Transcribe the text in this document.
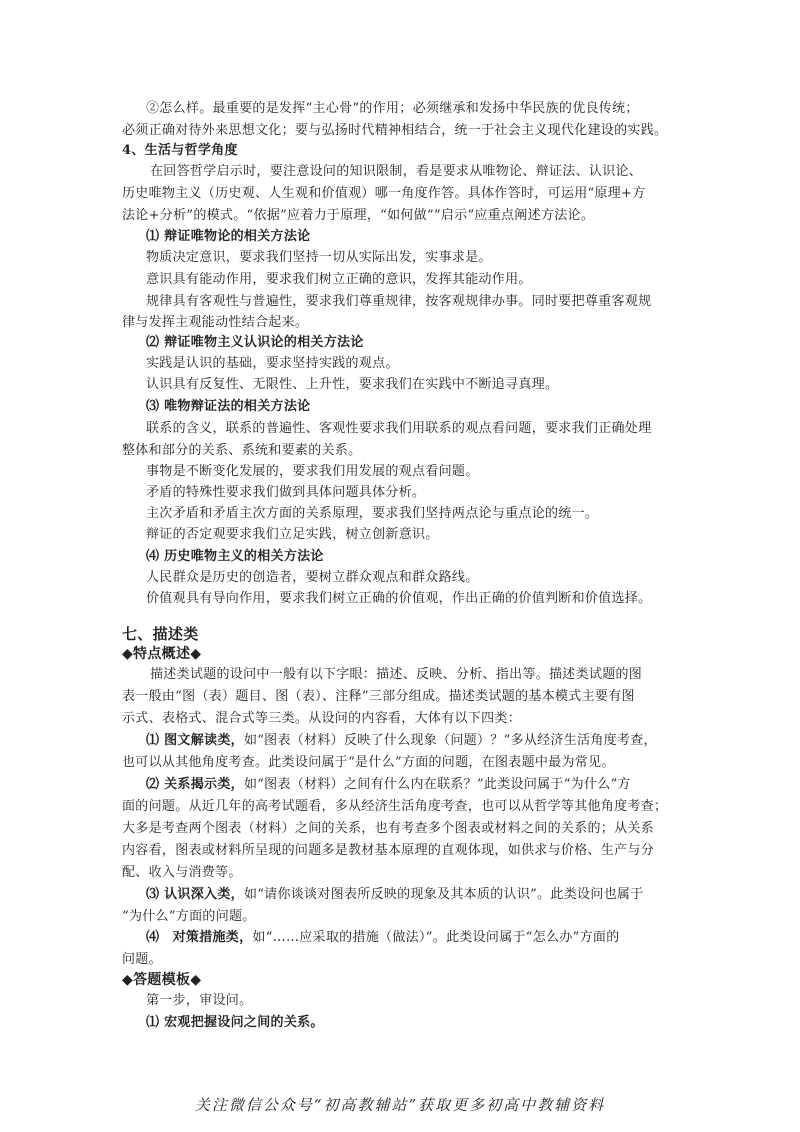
②怎么样。最重要的是发挥“主心骨”的作用；必须继承和发扬中华民族的优良传统；
必须正确对待外来思想文化；要与弘扬时代精神相结合，统一于社会主义现代化建设的实践。
4、生活与哲学角度
在回答哲学启示时，要注意设问的知识限制，看是要求从唯物论、辩证法、认识论、
历史唯物主义（历史观、人生观和价值观）哪一角度作答。具体作答时，可运用“原理+方
法论+分析”的模式。“依据”应着力于原理，“如何做”“启示”应重点阐述方法论。
⑴ 辩证唯物论的相关方法论
物质决定意识，要求我们坚持一切从实际出发，实事求是。
意识具有能动作用，要求我们树立正确的意识，发挥其能动作用。
规律具有客观性与普遍性，要求我们尊重规律，按客观规律办事。同时要把尊重客观规
律与发挥主观能动性结合起来。
⑵ 辩证唯物主义认识论的相关方法论
实践是认识的基础，要求坚持实践的观点。
认识具有反复性、无限性、上升性，要求我们在实践中不断追寻真理。
⑶ 唯物辩证法的相关方法论
联系的含义，联系的普遍性、客观性要求我们用联系的观点看问题，要求我们正确处理
整体和部分的关系、系统和要素的关系。
事物是不断变化发展的，要求我们用发展的观点看问题。
矛盾的特殊性要求我们做到具体问题具体分析。
主次矛盾和矛盾主次方面的关系原理，要求我们坚持两点论与重点论的统一。
辩证的否定观要求我们立足实践，树立创新意识。
⑷ 历史唯物主义的相关方法论
人民群众是历史的创造者，要树立群众观点和群众路线。
价值观具有导向作用，要求我们树立正确的价值观，作出正确的价值判断和价值选择。
七、描述类
◆特点概述◆
描述类试题的设问中一般有以下字眼：描述、反映、分析、指出等。描述类试题的图
表一般由“图（表）题目、图（表）、注释”三部分组成。描述类试题的基本模式主要有图
示式、表格式、混合式等三类。从设问的内容看，大体有以下四类：
⑴ 图文解读类，如“图表（材料）反映了什么现象（问题）？”多从经济生活角度考查，
也可以从其他角度考查。此类设问属于“是什么”方面的问题，在图表题中最为常见。
⑵ 关系揭示类，如“图表（材料）之间有什么内在联系？”此类设问属于“为什么”方
面的问题。从近几年的高考试题看，多从经济生活角度考查，也可以从哲学等其他角度考查；
大多是考查两个图表（材料）之间的关系，也有考查多个图表或材料之间的关系的；从关系
内容看，图表或材料所呈现的问题多是教材基本原理的直观体现，如供求与价格、生产与分
配、收入与消费等。
⑶ 认识深入类，如“请你谈谈对图表所反映的现象及其本质的认识”。此类设问也属于
“为什么”方面的问题。
⑷　对策措施类，如“……应采取的措施（做法）”。此类设问属于“怎么办”方面的
问题。
◆答题模板◆
第一步，审设问。
⑴ 宏观把握设问之间的关系。
关注微信公众号“初高教辅站”获取更多初高中教辅资料
